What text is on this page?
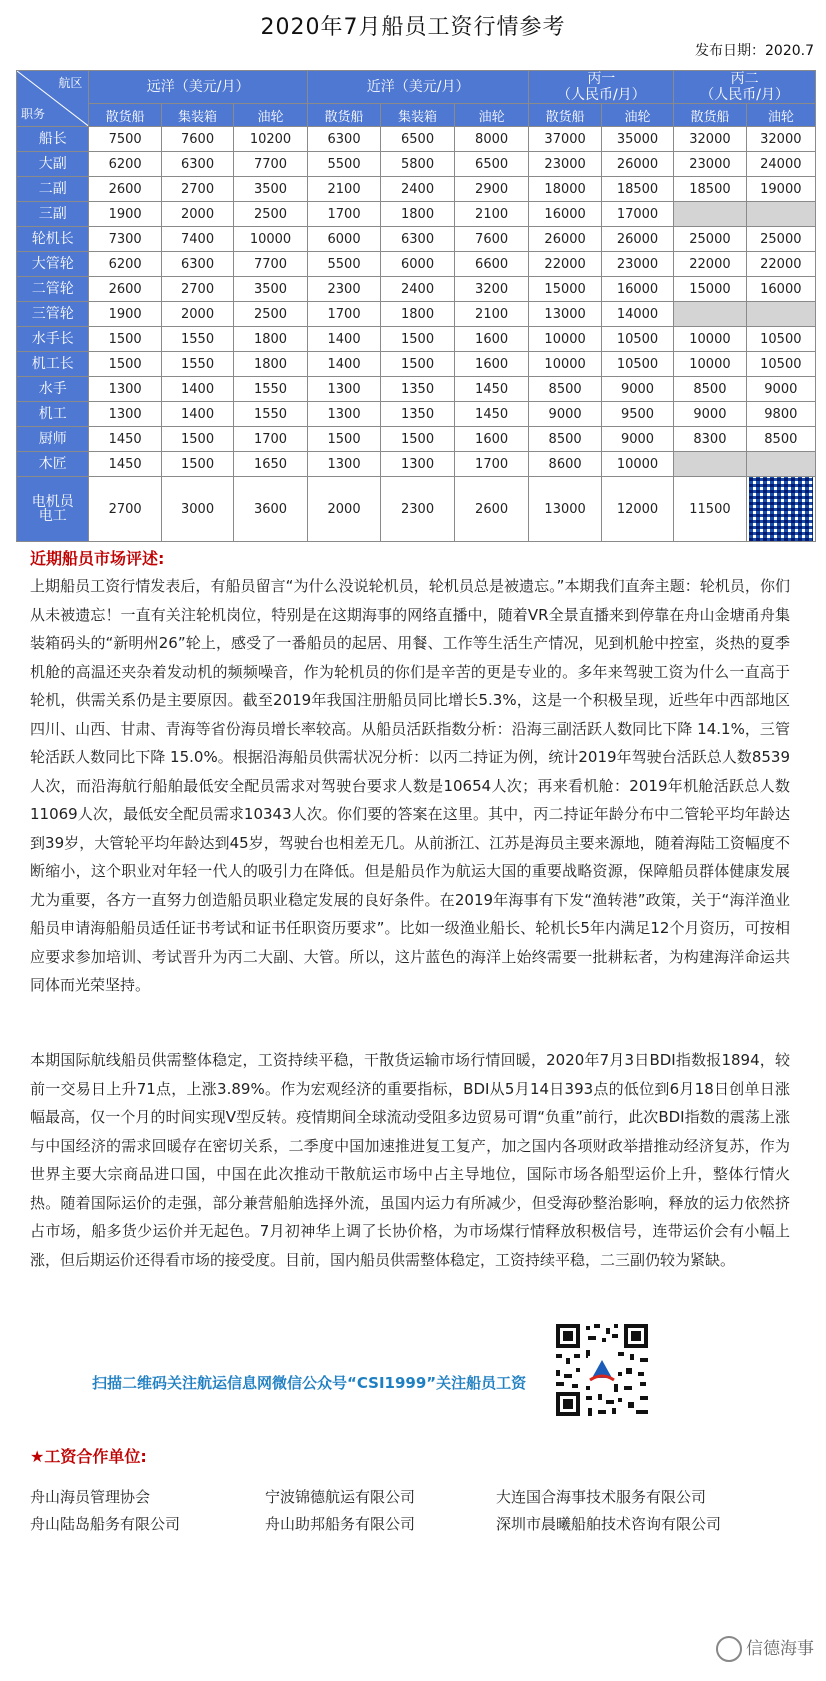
2020年7月船员工资行情参考
发布日期：2020.7
航区
职务	远洋（美元/月）			近洋（美元/月）			丙一
（人民币/月）		丙二
（人民币/月）	
	散货船	集装箱	油轮	散货船	集装箱	油轮	散货船	油轮	散货船	油轮
船长	7500	7600	10200	6300	6500	8000	37000	35000	32000	32000
大副	6200	6300	7700	5500	5800	6500	23000	26000	23000	24000
二副	2600	2700	3500	2100	2400	2900	18000	18500	18500	19000
三副	1900	2000	2500	1700	1800	2100	16000	17000		
轮机长	7300	7400	10000	6000	6300	7600	26000	26000	25000	25000
大管轮	6200	6300	7700	5500	6000	6600	22000	23000	22000	22000
二管轮	2600	2700	3500	2300	2400	3200	15000	16000	15000	16000
三管轮	1900	2000	2500	1700	1800	2100	13000	14000		
水手长	1500	1550	1800	1400	1500	1600	10000	10500	10000	10500
机工长	1500	1550	1800	1400	1500	1600	10000	10500	10000	10500
水手	1300	1400	1550	1300	1350	1450	8500	9000	8500	9000
机工	1300	1400	1550	1300	1350	1450	9000	9500	9000	9800
厨师	1450	1500	1700	1500	1500	1600	8500	9000	8300	8500
木匠	1450	1500	1650	1300	1300	1700	8600	10000		
电机员
电工	2700	3000	3600	2000	2300	2600	13000	12000	11500	
近期船员市场评述:
上期船员工资行情发表后，有船员留言“为什么没说轮机员，轮机员总是被遗忘。”本期我们直奔主题：轮机员，你们从未被遗忘！一直有关注轮机岗位，特别是在这期海事的网络直播中，随着VR全景直播来到停靠在舟山金塘甬舟集装箱码头的“新明州26”轮上，感受了一番船员的起居、用餐、工作等生活生产情况，见到机舱中控室，炎热的夏季机舱的高温还夹杂着发动机的频频噪音，作为轮机员的你们是辛苦的更是专业的。多年来驾驶工资为什么一直高于轮机，供需关系仍是主要原因。截至2019年我国注册船员同比增长5.3%，这是一个积极呈现，近些年中西部地区四川、山西、甘肃、青海等省份海员增长率较高。从船员活跃指数分析：沿海三副活跃人数同比下降 14.1%，三管轮活跃人数同比下降 15.0%。根据沿海船员供需状况分析：以丙二持证为例，统计2019年驾驶台活跃总人数8539人次，而沿海航行船舶最低安全配员需求对驾驶台要求人数是10654人次；再来看机舱：2019年机舱活跃总人数11069人次，最低安全配员需求10343人次。你们要的答案在这里。其中，丙二持证年龄分布中二管轮平均年龄达到39岁，大管轮平均年龄达到45岁，驾驶台也相差无几。从前浙江、江苏是海员主要来源地，随着海陆工资幅度不断缩小，这个职业对年轻一代人的吸引力在降低。但是船员作为航运大国的重要战略资源，保障船员群体健康发展尤为重要，各方一直努力创造船员职业稳定发展的良好条件。在2019年海事有下发“渔转港”政策，关于“海洋渔业船员申请海船船员适任证书考试和证书任职资历要求”。比如一级渔业船长、轮机长5年内满足12个月资历，可按相应要求参加培训、考试晋升为丙二大副、大管。所以，这片蓝色的海洋上始终需要一批耕耘者，为构建海洋命运共同体而光荣坚持。
本期国际航线船员供需整体稳定，工资持续平稳，干散货运输市场行情回暖，2020年7月3日BDI指数报1894，较前一交易日上升71点，上涨3.89%。作为宏观经济的重要指标，BDI从5月14日393点的低位到6月18日创单日涨幅最高，仅一个月的时间实现V型反转。疫情期间全球流动受阻多边贸易可谓“负重”前行，此次BDI指数的震荡上涨与中国经济的需求回暖存在密切关系，二季度中国加速推进复工复产，加之国内各项财政举措推动经济复苏，作为世界主要大宗商品进口国，中国在此次推动干散航运市场中占主导地位，国际市场各船型运价上升，整体行情火热。随着国际运价的走强，部分兼营船舶选择外流，虽国内运力有所减少，但受海砂整治影响，释放的运力依然挤占市场，船多货少运价并无起色。7月初神华上调了长协价格，为市场煤行情释放积极信号，连带运价会有小幅上涨，但后期运价还得看市场的接受度。目前，国内船员供需整体稳定，工资持续平稳，二三副仍较为紧缺。
扫描二维码关注航运信息网微信公众号“CSI1999”关注船员工资
★工资合作单位:
舟山海员管理协会	宁波锦德航运有限公司	大连国合海事技术服务有限公司
舟山陆岛船务有限公司	舟山助邦船务有限公司	深圳市晨曦船舶技术咨询有限公司
信德海事
